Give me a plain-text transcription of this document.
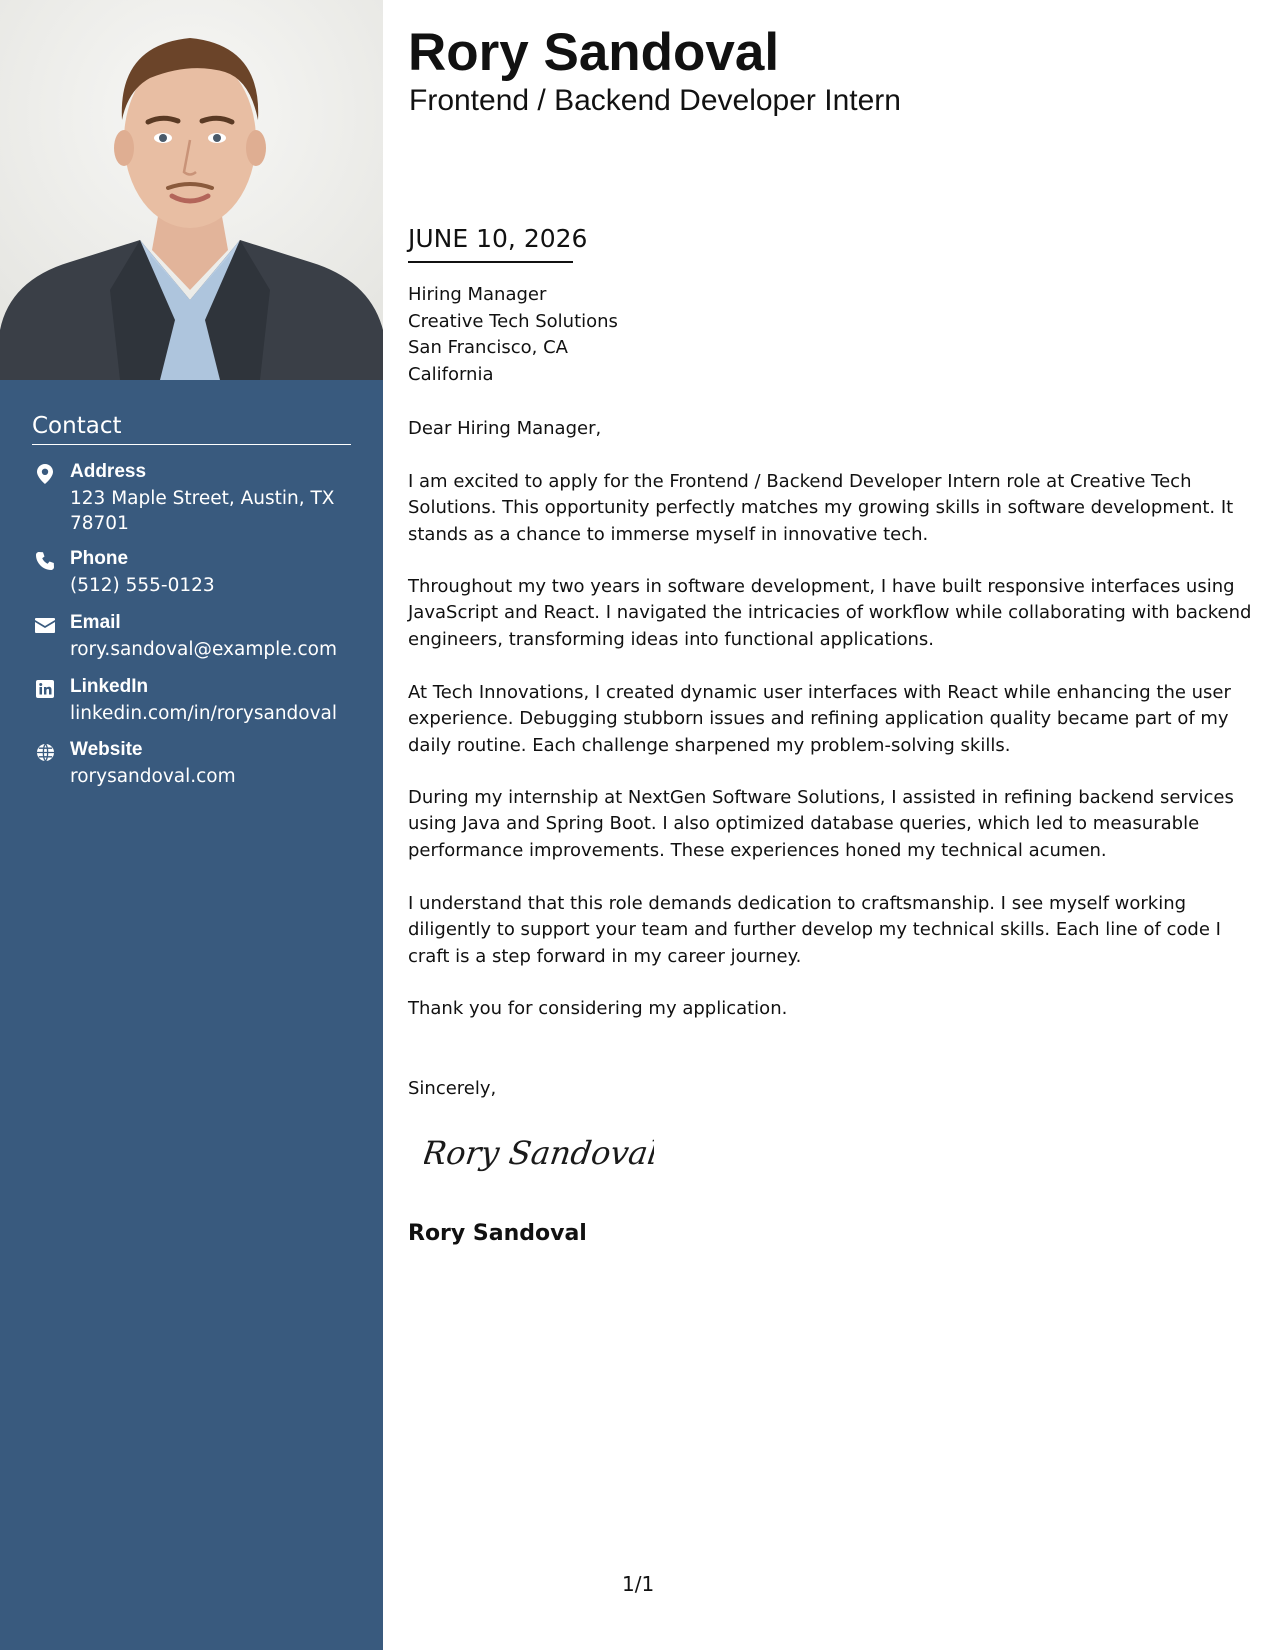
Contact
Address
123 Maple Street, Austin, TX 78701
Phone
(512) 555-0123
Email
rory.sandoval@example.com
LinkedIn
linkedin.com/in/rorysandoval
Website
rorysandoval.com
Rory Sandoval
Frontend / Backend Developer Intern
JUNE 10, 2026
Hiring Manager
Creative Tech Solutions
San Francisco, CA
California

Dear Hiring Manager,

I am excited to apply for the Frontend / Backend Developer Intern role at Creative Tech Solutions. This opportunity perfectly matches my growing skills in software development. It stands as a chance to immerse myself in innovative tech.

Throughout my two years in software development, I have built responsive interfaces using JavaScript and React. I navigated the intricacies of workflow while collaborating with backend engineers, transforming ideas into functional applications.

At Tech Innovations, I created dynamic user interfaces with React while enhancing the user experience. Debugging stubborn issues and refining application quality became part of my daily routine. Each challenge sharpened my problem-solving skills.

During my internship at NextGen Software Solutions, I assisted in refining backend services using Java and Spring Boot. I also optimized database queries, which led to measurable performance improvements. These experiences honed my technical acumen.

I understand that this role demands dedication to craftsmanship. I see myself working diligently to support your team and further develop my technical skills. Each line of code I craft is a step forward in my career journey.

Thank you for considering my application.

Sincerely,

Rory Sandoval
Rory Sandoval
1/1
